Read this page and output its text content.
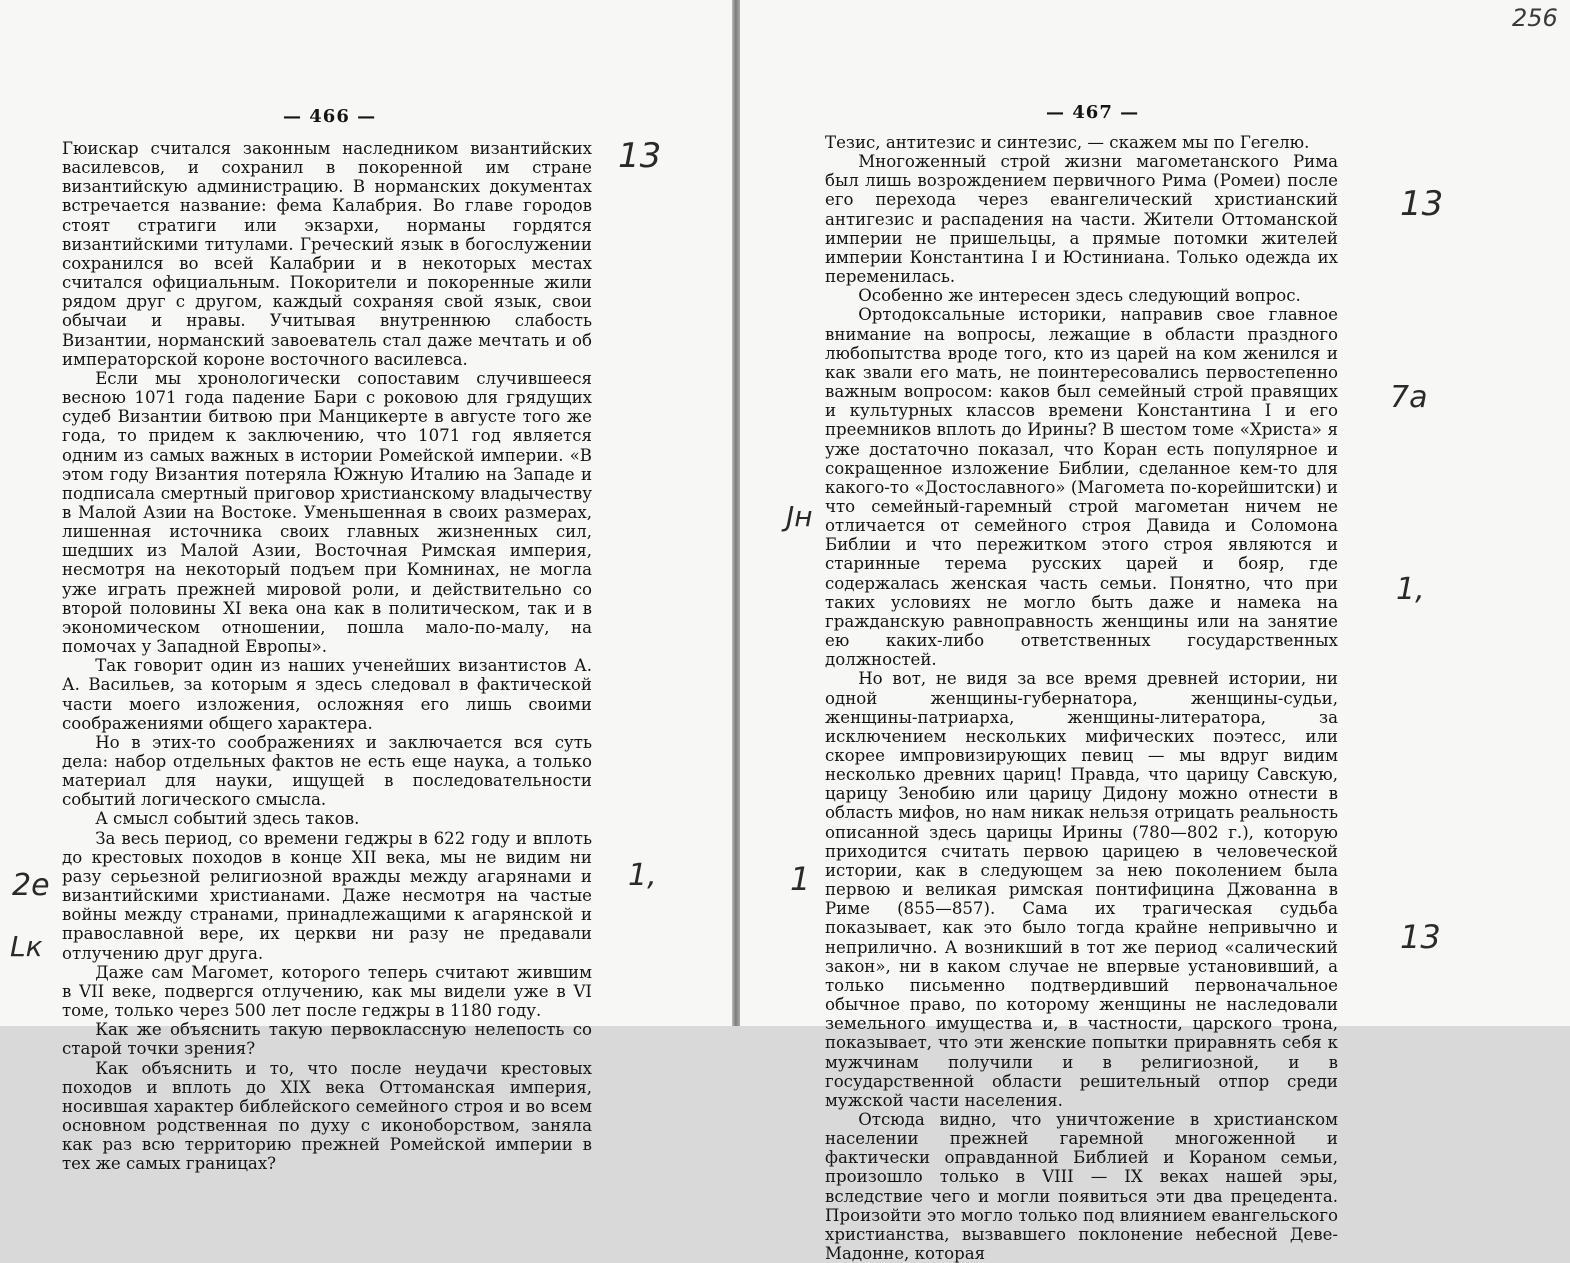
— 466 —

Гюискар считался законным наследником византийских василевсов, и сохранил в покоренной им стране византийскую администрацию. В норманских документах встречается название: фема Калабрия. Во главе городов стоят стратиги или экзархи, норманы гордятся византийскими титулами. Греческий язык в богослужении сохранился во всей Калабрии и в некоторых местах считался официальным. Покорители и покоренные жили рядом друг с другом, каждый сохраняя свой язык, свои обычаи и нравы. Учитывая внутреннюю слабость Византии, норманский завоеватель стал даже мечтать и об императорской короне восточного василевса.

Если мы хронологически сопоставим случившееся весною 1071 года падение Бари с роковою для грядущих судеб Византии битвою при Манцикерте в августе того же года, то придем к заключению, что 1071 год является одним из самых важных в истории Ромейской империи. «В этом году Византия потеряла Южную Италию на Западе и подписала смертный приговор христианскому владычеству в Малой Азии на Востоке. Уменьшенная в своих размерах, лишенная источника своих главных жизненных сил, шедших из Малой Азии, Восточная Римская империя, несмотря на некоторый подъем при Комнинах, не могла уже играть прежней мировой роли, и действительно со второй половины XI века она как в политическом, так и в экономическом отношении, пошла мало-по-малу, на помочах у Западной Европы».

Так говорит один из наших ученейших византистов А. А. Васильев, за которым я здесь следовал в фактической части моего изложения, осложняя его лишь своими соображениями общего характера.

Но в этих-то соображениях и заключается вся суть дела: набор отдельных фактов не есть еще наука, а только материал для науки, ищущей в последовательности событий логического смысла.

А смысл событий здесь таков.

За весь период, со времени геджры в 622 году и вплоть до крестовых походов в конце XII века, мы не видим ни разу серьезной религиозной вражды между агарянами и византийскими христианами. Даже несмотря на частые войны между странами, принадлежащими к агарянской и православной вере, их церкви ни разу не предавали отлучению друг друга.

Даже сам Магомет, которого теперь считают жившим в VII веке, подвергся отлучению, как мы видели уже в VI томе, только через 500 лет после геджры в 1180 году.

Как же объяснить такую первоклассную нелепость со старой точки зрения?

Как объяснить и то, что после неудачи крестовых походов и вплоть до XIX века Оттоманская империя, носившая характер библейского семейного строя и во всем основном родственная по духу с иконоборством, заняла как раз всю территорию прежней Ромейской империи в тех же самых границах?

13
1,
2e
Lк
256
— 467 —

Тезис, антитезис и синтезис, — скажем мы по Гегелю.

Многоженный строй жизни магометанского Рима был лишь возрождением первичного Рима (Ромеи) после его перехода через евангелический христианский антигезис и распадения на части. Жители Оттоманской империи не пришельцы, а прямые потомки жителей империи Константина I и Юстиниана. Только одежда их переменилась.

Особенно же интересен здесь следующий вопрос.

Ортодоксальные историки, направив свое главное внимание на вопросы, лежащие в области праздного любопытства вроде того, кто из царей на ком женился и как звали его мать, не поинтересовались первостепенно важным вопросом: каков был семейный строй правящих и культурных классов времени Константина I и его преемников вплоть до Ирины? В шестом томе «Христа» я уже достаточно показал, что Коран есть популярное и сокращенное изложение Библии, сделанное кем-то для какого-то «Достославного» (Магомета по-корейшитски) и что семейный-гаремный строй магометан ничем не отличается от семейного строя Давида и Соломона Библии и что пережитком этого строя являются и старинные терема русских царей и бояр, где содержалась женская часть семьи. Понятно, что при таких условиях не могло быть даже и намека на гражданскую равноправность женщины или на занятие ею каких-либо ответственных государственных должностей.

Но вот, не видя за все время древней истории, ни одной женщины-губернатора, женщины-судьи, женщины-патриарха, женщины-литератора, за исключением нескольких мифических поэтесс, или скорее импровизирующих певиц — мы вдруг видим несколько древних цариц! Правда, что царицу Савскую, царицу Зенобию или царицу Дидону можно отнести в область мифов, но нам никак нельзя отрицать реальность описанной здесь царицы Ирины (780—802 г.), которую приходится считать первою царицею в человеческой истории, как в следующем за нею поколением была первою и великая римская понтифицина Джованна в Риме (855—857). Сама их трагическая судьба показывает, как это было тогда крайне непривычно и неприлично. А возникший в тот же период «салический закон», ни в каком случае не впервые установивший, а только письменно подтвердивший первоначальное обычное право, по которому женщины не наследовали земельного имущества и, в частности, царского трона, показывает, что эти женские попытки приравнять себя к мужчинам получили и в религиозной, и в государственной области решительный отпор среди мужской части населения.

Отсюда видно, что уничтожение в христианском населении прежней гаремной многоженной и фактически оправданной Библией и Кораном семьи, произошло только в VIII — IX веках нашей эры, вследствие чего и могли появиться эти два прецедента. Произойти это могло только под влиянием евангельского христианства, вызвавшего поклонение небесной Деве-Мадонне, которая

13
7а
1,
1
13
Jн
